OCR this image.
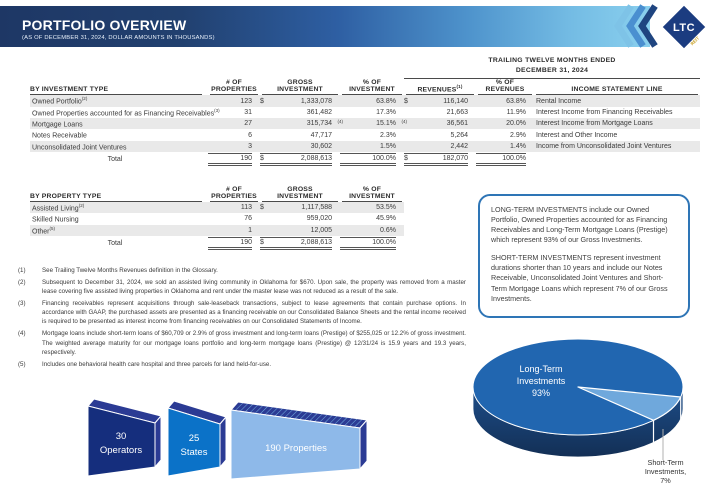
PORTFOLIO OVERVIEW
(AS OF DECEMBER 31, 2024, DOLLAR AMOUNTS IN THOUSANDS)
LTC
REIT

				TRAILING TWELVE MONTHS ENDED
DECEMBER 31, 2024		

BY INVESTMENT TYPE	# OF
PROPERTIES	GROSS
INVESTMENT	% OF
INVESTMENT	REVENUES$^{(1)}$	% OF
REVENUES	INCOME STATEMENT LINE

Owned Portfolio$^{(2)}$	123	$ 1,333,078	63.8%	$ 116,140	63.8%	Rental Income
Owned Properties accounted for as Financing Receivables$^{(3)}$	31	361,482	17.3%	21,663	11.9%	Interest Income from Financing Receivables
Mortgage Loans	27	315,734 (4)	15.1% (4)	36,561	20.0%	Interest Income from Mortgage Loans
Notes Receivable	6	47,717	2.3%	5,264	2.9%	Interest and Other Income
Unconsolidated Joint Ventures	3	30,602	1.5%	2,442	1.4%	Income from Unconsolidated Joint Ventures
Total	190	$ 2,088,613	100.0%	$ 182,070	100.0%	

BY PROPERTY TYPE	# OF
PROPERTIES	GROSS
INVESTMENT	% OF
INVESTMENT

Assisted Living$^{(2)}$	113	$ 1,117,588	53.5%
Skilled Nursing	76	959,020	45.9%
Other$^{(5)}$	1	12,005	0.6%
Total	190	$ 2,088,613	100.0%
(1)	See Trailing Twelve Months Revenues definition in the Glossary.
(2)	Subsequent to December 31, 2024, we sold an assisted living community in Oklahoma for $670. Upon sale, the property was removed from a master lease covering five assisted living properties in Oklahoma and rent under the master lease was not reduced as a result of the sale.
(3)	Financing receivables represent acquisitions through sale-leaseback transactions, subject to lease agreements that contain purchase options. In accordance with GAAP, the purchased assets are presented as a financing receivable on our Consolidated Balance Sheets and the rental income received is required to be presented as interest income from financing receivables on our Consolidated Statements of Income.
(4)	Mortgage loans include short-term loans of $60,709 or 2.9% of gross investment and long-term loans (Prestige) of $255,025 or 12.2% of gross investment. The weighted average maturity for our mortgage loans portfolio and long-term mortgage loans (Prestige) @ 12/31/24 is 15.9 years and 19.3 years, respectively.
(5)	Includes one behavioral health care hospital and three parcels for land held-for-use.

LONG-TERM INVESTMENTS include our Owned Portfolio, Owned Properties accounted for as Financing Receivables and Long-Term Mortgage Loans (Prestige) which represent 93% of our Gross Investments.

SHORT-TERM INVESTMENTS represent investment durations shorter than 10 years and include our Notes Receivable, Unconsolidated Joint Ventures and Short-Term Mortgage Loans which represent 7% of our Gross Investments.

Long-Term
Investments
93%
Short-Term
Investments,
7%
30
Operators
25
States	190 Properties
